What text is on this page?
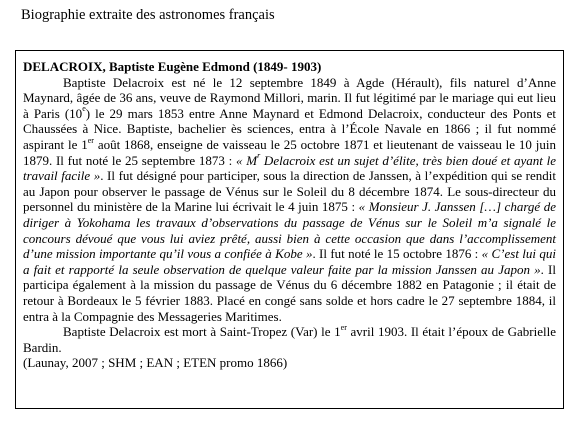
Biographie extraite des astronomes français
DELACROIX, Baptiste Eugène Edmond (1849- 1903)

Baptiste Delacroix est né le 12 septembre 1849 à Agde (Hérault), fils naturel d’Anne Maynard, âgée de 36 ans, veuve de Raymond Millori, marin. Il fut légitimé par le mariage qui eut lieu à Paris (10e) le 29 mars 1853 entre Anne Maynard et Edmond Delacroix, conducteur des Ponts et Chaussées à Nice. Baptiste, bachelier ès sciences, entra à l’École Navale en 1866 ; il fut nommé aspirant le 1er août 1868, enseigne de vaisseau le 25 octobre 1871 et lieutenant de vaisseau le 10 juin 1879. Il fut noté le 25 septembre 1873 : « $M^r$ Delacroix est un sujet d’élite, très bien doué et ayant le travail facile ». Il fut désigné pour participer, sous la direction de Janssen, à l’expédition qui se rendit au Japon pour observer le passage de Vénus sur le Soleil du 8 décembre 1874. Le sous-directeur du personnel du ministère de la Marine lui écrivait le 4 juin 1875 : « Monsieur J. Janssen […] chargé de diriger à Yokohama les travaux d’observations du passage de Vénus sur le Soleil m’a signalé le concours dévoué que vous lui aviez prêté, aussi bien à cette occasion que dans l’accomplissement d’une mission importante qu’il vous a confiée à Kobe ». Il fut noté le 15 octobre 1876 : « C’est lui qui a fait et rapporté la seule observation de quelque valeur faite par la mission Janssen au Japon ». Il participa également à la mission du passage de Vénus du 6 décembre 1882 en Patagonie ; il était de retour à Bordeaux le 5 février 1883. Placé en congé sans solde et hors cadre le 27 septembre 1884, il entra à la Compagnie des Messageries Maritimes.

Baptiste Delacroix est mort à Saint-Tropez (Var) le 1er avril 1903. Il était l’époux de Gabrielle Bardin.

(Launay, 2007 ; SHM ; EAN ; ETEN promo 1866)
